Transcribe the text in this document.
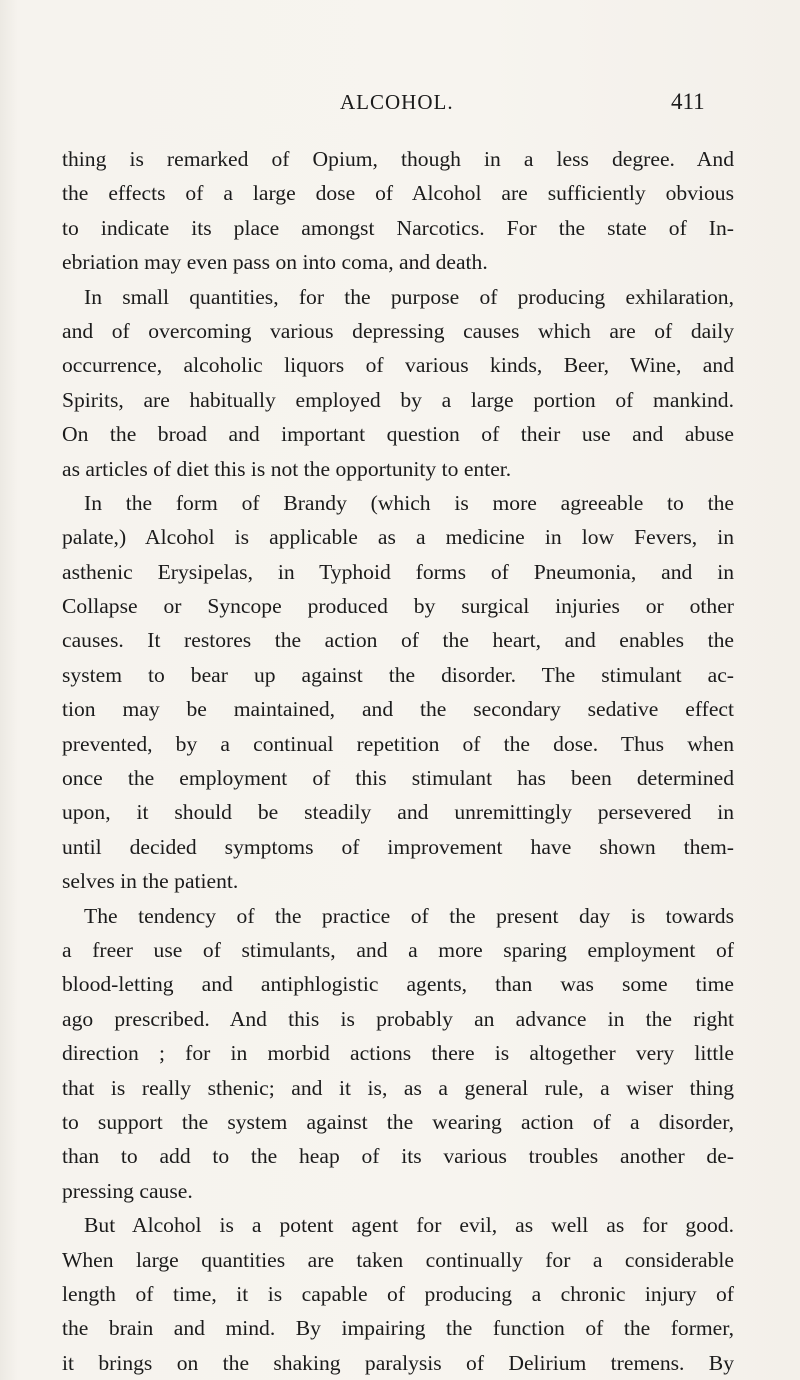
ALCOHOL.	411
thing is remarked of Opium, though in a less degree. And
the effects of a large dose of Alcohol are sufficiently obvious
to indicate its place amongst Narcotics. For the state of In-
ebriation may even pass on into coma, and death.
In small quantities, for the purpose of producing exhilaration,
and of overcoming various depressing causes which are of daily
occurrence, alcoholic liquors of various kinds, Beer, Wine, and
Spirits, are habitually employed by a large portion of mankind.
On the broad and important question of their use and abuse
as articles of diet this is not the opportunity to enter.
In the form of Brandy (which is more agreeable to the
palate,) Alcohol is applicable as a medicine in low Fevers, in
asthenic Erysipelas, in Typhoid forms of Pneumonia, and in
Collapse or Syncope produced by surgical injuries or other
causes. It restores the action of the heart, and enables the
system to bear up against the disorder. The stimulant ac-
tion may be maintained, and the secondary sedative effect
prevented, by a continual repetition of the dose. Thus when
once the employment of this stimulant has been determined
upon, it should be steadily and unremittingly persevered in
until decided symptoms of improvement have shown them-
selves in the patient.
The tendency of the practice of the present day is towards
a freer use of stimulants, and a more sparing employment of
blood-letting and antiphlogistic agents, than was some time
ago prescribed. And this is probably an advance in the right
direction ; for in morbid actions there is altogether very little
that is really sthenic; and it is, as a general rule, a wiser thing
to support the system against the wearing action of a disorder,
than to add to the heap of its various troubles another de-
pressing cause.
But Alcohol is a potent agent for evil, as well as for good.
When large quantities are taken continually for a considerable
length of time, it is capable of producing a chronic injury of
the brain and mind. By impairing the function of the former,
it brings on the shaking paralysis of Delirium tremens. By
